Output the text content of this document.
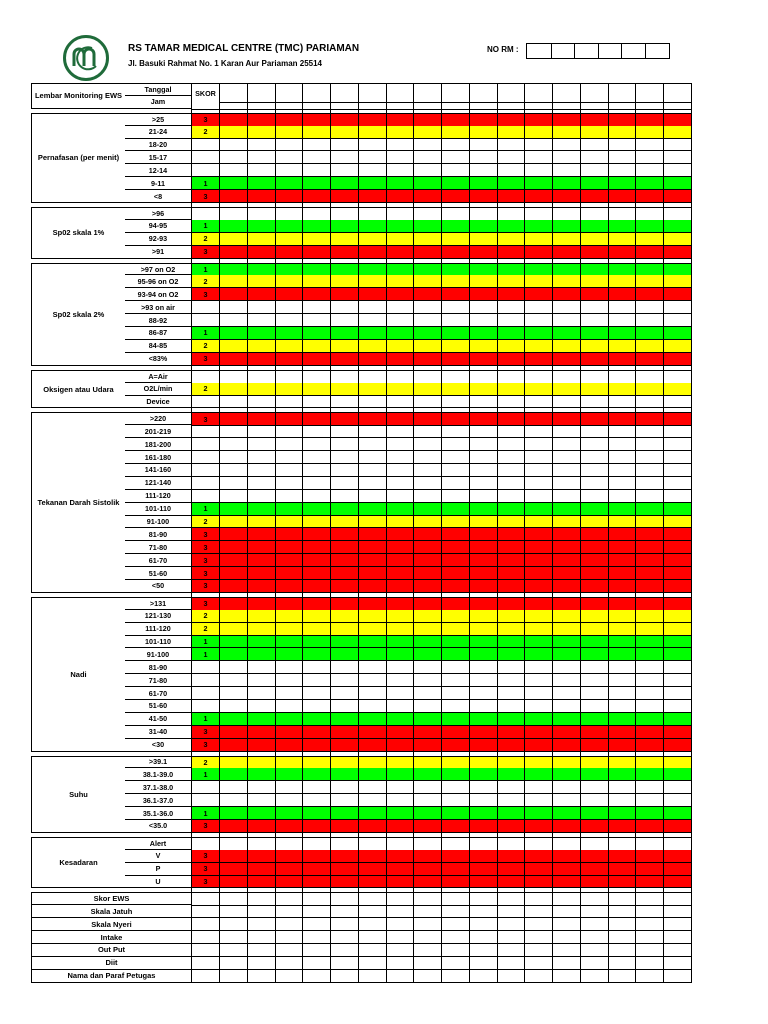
RS TAMAR MEDICAL CENTRE (TMC) PARIAMAN
Jl. Basuki Rahmat No. 1 Karan Aur Pariaman 25514
NO RM :
Lembar Monitoring EWS
Tanggal
Jam
SKOR
Pernafasan (per menit)
>25	3
21-24	2
18-20
15-17
12-14
9-11	1
<8	3
Sp02 skala 1%
>96
94-95	1
92-93	2
>91	3
Sp02 skala 2%
>97 on O2	1
95-96 on O2	2
93-94 on O2	3
>93 on air
88-92
86-87	1
84-85	2
<83%	3
Oksigen atau Udara
A=Air
O2L/min	2
Device
Tekanan Darah Sistolik
>220	3
201-219
181-200
161-180
141-160
121-140
111-120
101-110	1
91-100	2
81-90	3
71-80	3
61-70	3
51-60	3
<50	3
Nadi
>131	3
121-130	2
111-120	2
101-110	1
91-100	1
81-90
71-80
61-70
51-60
41-50	1
31-40	3
<30	3
Suhu
>39.1	2
38.1-39.0	1
37.1-38.0
36.1-37.0
35.1-36.0	1
<35.0	3
Kesadaran
Alert
V	3
P	3
U	3
Skor EWS
Skala Jatuh
Skala Nyeri
Intake
Out Put
Diit
Nama dan Paraf Petugas
